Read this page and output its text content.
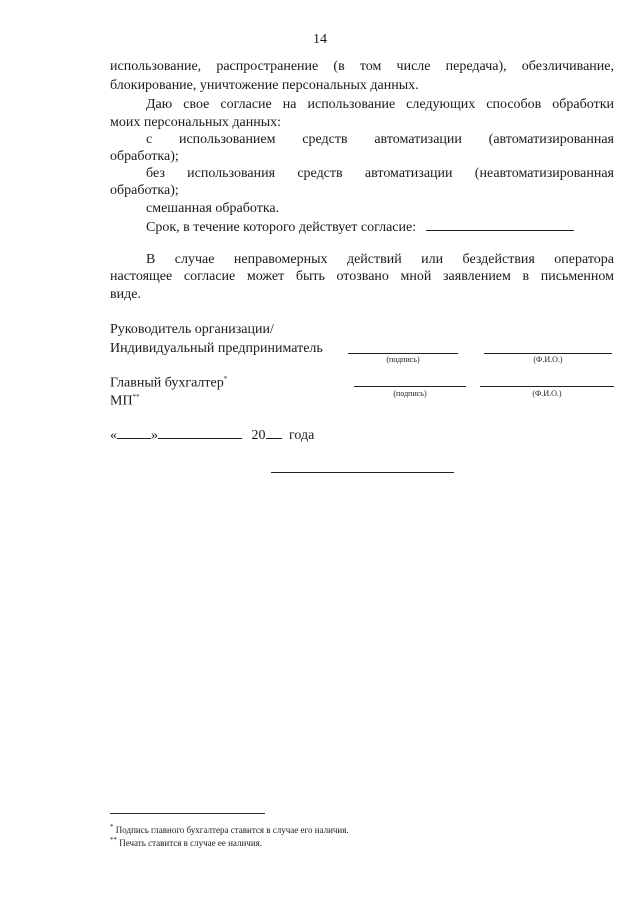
14
использование, распространение (в том числе передача), обезличивание,
блокирование, уничтожение персональных данных.
Даю свое согласие на использование следующих способов обработки
моих персональных данных:
с использованием средств автоматизации (автоматизированная
обработка);
без использования средств автоматизации (неавтоматизированная
обработка);
смешанная обработка.
Срок, в течение которого действует согласие:
В случае неправомерных действий или бездействия оператора
настоящее согласие может быть отозвано мной заявлением в письменном
виде.
Руководитель организации/
Индивидуальный предприниматель
(подпись)	(Ф.И.О.)
Главный бухгалтер*
МП**	(подпись)	(Ф.И.О.)
« »	20 года
* Подпись главного бухгалтера ставится в случае его наличия.
** Печать ставится в случае ее наличия.
